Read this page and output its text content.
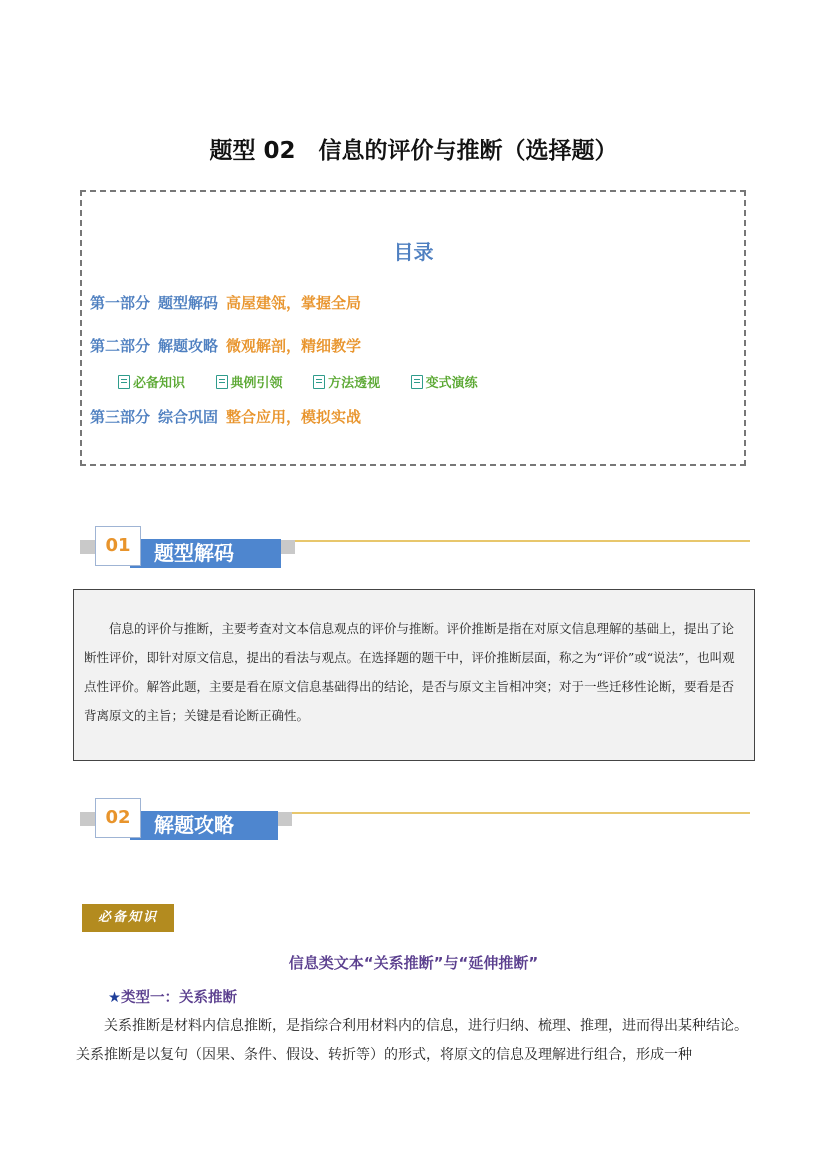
题型 02　信息的评价与推断（选择题）
目录
第一部分 题型解码 高屋建瓴，掌握全局
第二部分 解题攻略 微观解剖，精细教学
必备知识	典例引领	方法透视	变式演练
第三部分 综合巩固 整合应用，模拟实战
题型解码
01

信息的评价与推断，主要考查对文本信息观点的评价与推断。评价推断是指在对原文信息理解的基础上，提出了论断性评价，即针对原文信息，提出的看法与观点。在选择题的题干中，评价推断层面，称之为“评价”或“说法”，也叫观点性评价。解答此题，主要是看在原文信息基础得出的结论，是否与原文主旨相冲突；对于一些迁移性论断，要看是否背离原文的主旨；关键是看论断正确性。

解题攻略
02
必备知识
信息类文本“关系推断”与“延伸推断”
★类型一：关系推断

关系推断是材料内信息推断，是指综合利用材料内的信息，进行归纳、梳理、推理，进而得出某种结论。关系推断是以复句（因果、条件、假设、转折等）的形式，将原文的信息及理解进行组合，形成一种
